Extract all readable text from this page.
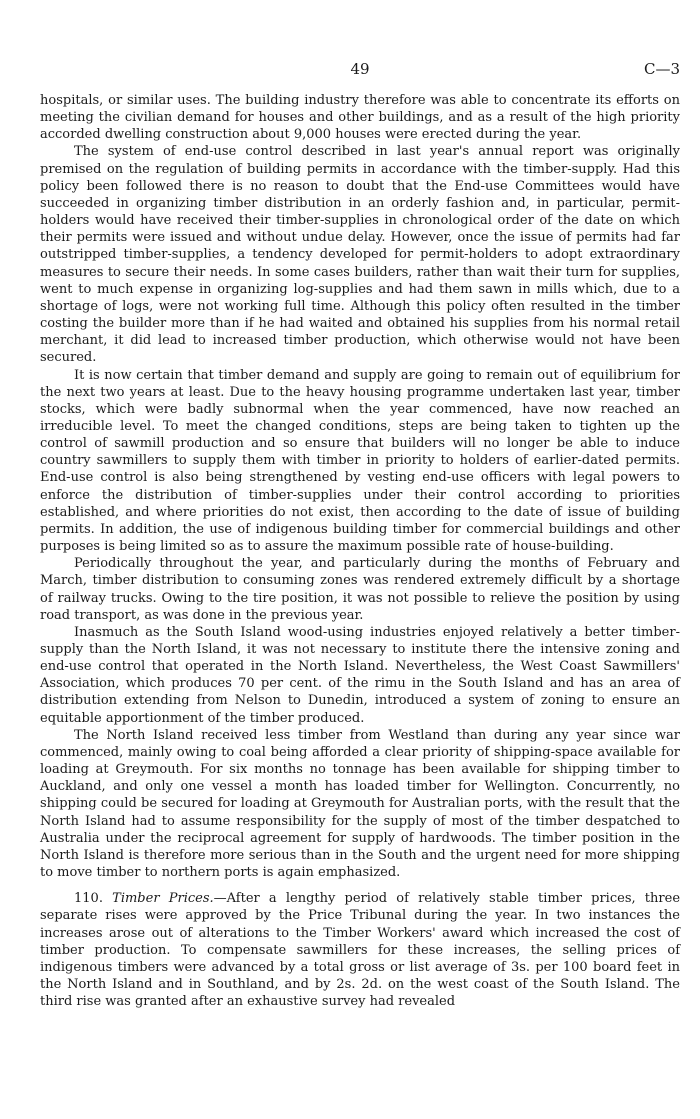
49	C—3

hospitals, or similar uses. The building industry therefore was able to concentrate its efforts on meeting the civilian demand for houses and other buildings, and as a result of the high priority accorded dwelling construction about 9,000 houses were erected during the year.

The system of end-use control described in last year's annual report was originally premised on the regulation of building permits in accordance with the timber-supply. Had this policy been followed there is no reason to doubt that the End-use Committees would have succeeded in organizing timber distribution in an orderly fashion and, in particular, permit-holders would have received their timber-supplies in chronological order of the date on which their permits were issued and without undue delay. However, once the issue of permits had far outstripped timber-supplies, a tendency developed for permit-holders to adopt extraordinary measures to secure their needs. In some cases builders, rather than wait their turn for supplies, went to much expense in organizing log-supplies and had them sawn in mills which, due to a shortage of logs, were not working full time. Although this policy often resulted in the timber costing the builder more than if he had waited and obtained his supplies from his normal retail merchant, it did lead to increased timber production, which otherwise would not have been secured.

It is now certain that timber demand and supply are going to remain out of equilibrium for the next two years at least. Due to the heavy housing programme undertaken last year, timber stocks, which were badly subnormal when the year commenced, have now reached an irreducible level. To meet the changed conditions, steps are being taken to tighten up the control of sawmill production and so ensure that builders will no longer be able to induce country sawmillers to supply them with timber in priority to holders of earlier-dated permits. End-use control is also being strengthened by vesting end-use officers with legal powers to enforce the distribution of timber-supplies under their control according to priorities established, and where priorities do not exist, then according to the date of issue of building permits. In addition, the use of indigenous building timber for commercial buildings and other purposes is being limited so as to assure the maximum possible rate of house-building.

Periodically throughout the year, and particularly during the months of February and March, timber distribution to consuming zones was rendered extremely difficult by a shortage of railway trucks. Owing to the tire position, it was not possible to relieve the position by using road transport, as was done in the previous year.

Inasmuch as the South Island wood-using industries enjoyed relatively a better timber-supply than the North Island, it was not necessary to institute there the intensive zoning and end-use control that operated in the North Island. Nevertheless, the West Coast Sawmillers' Association, which produces 70 per cent. of the rimu in the South Island and has an area of distribution extending from Nelson to Dunedin, introduced a system of zoning to ensure an equitable apportionment of the timber produced.

The North Island received less timber from Westland than during any year since war commenced, mainly owing to coal being afforded a clear priority of shipping-space available for loading at Greymouth. For six months no tonnage has been available for shipping timber to Auckland, and only one vessel a month has loaded timber for Wellington. Concurrently, no shipping could be secured for loading at Greymouth for Australian ports, with the result that the North Island had to assume responsibility for the supply of most of the timber despatched to Australia under the reciprocal agreement for supply of hardwoods. The timber position in the North Island is therefore more serious than in the South and the urgent need for more shipping to move timber to northern ports is again emphasized.

110. Timber Prices.—After a lengthy period of relatively stable timber prices, three separate rises were approved by the Price Tribunal during the year. In two instances the increases arose out of alterations to the Timber Workers' award which increased the cost of timber production. To compensate sawmillers for these increases, the selling prices of indigenous timbers were advanced by a total gross or list average of 3s. per 100 board feet in the North Island and in Southland, and by 2s. 2d. on the west coast of the South Island. The third rise was granted after an exhaustive survey had revealed
